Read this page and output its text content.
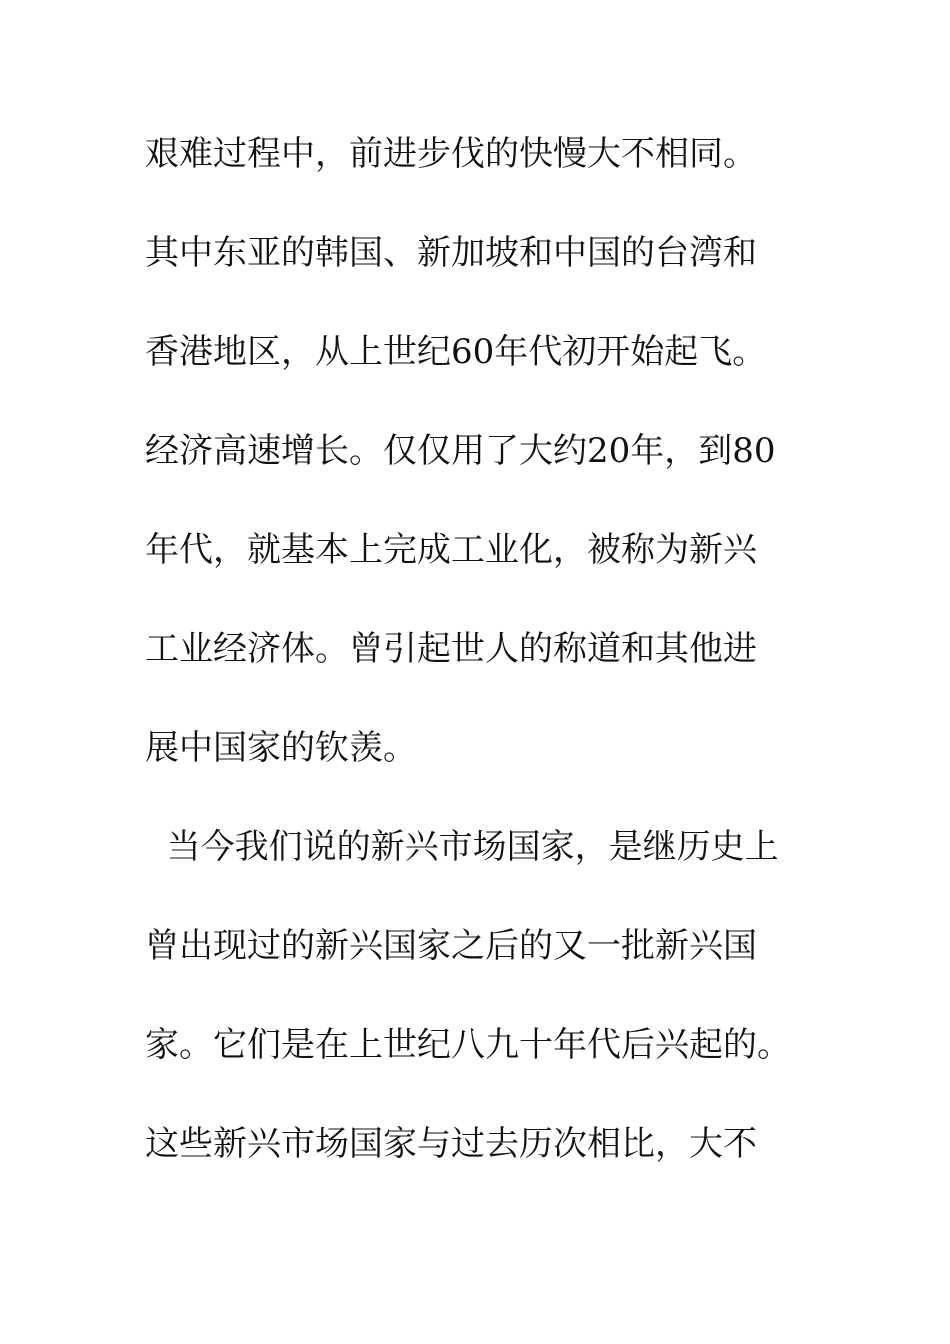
艰难过程中，前进步伐的快慢大不相同。
其中东亚的韩国、新加坡和中国的台湾和
香港地区，从上世纪60年代初开始起飞。
经济高速增长。仅仅用了大约20年，到80
年代，就基本上完成工业化，被称为新兴
工业经济体。曾引起世人的称道和其他进
展中国家的钦羡。
当今我们说的新兴市场国家，是继历史上
曾出现过的新兴国家之后的又一批新兴国
家。它们是在上世纪八九十年代后兴起的。
这些新兴市场国家与过去历次相比，大不
